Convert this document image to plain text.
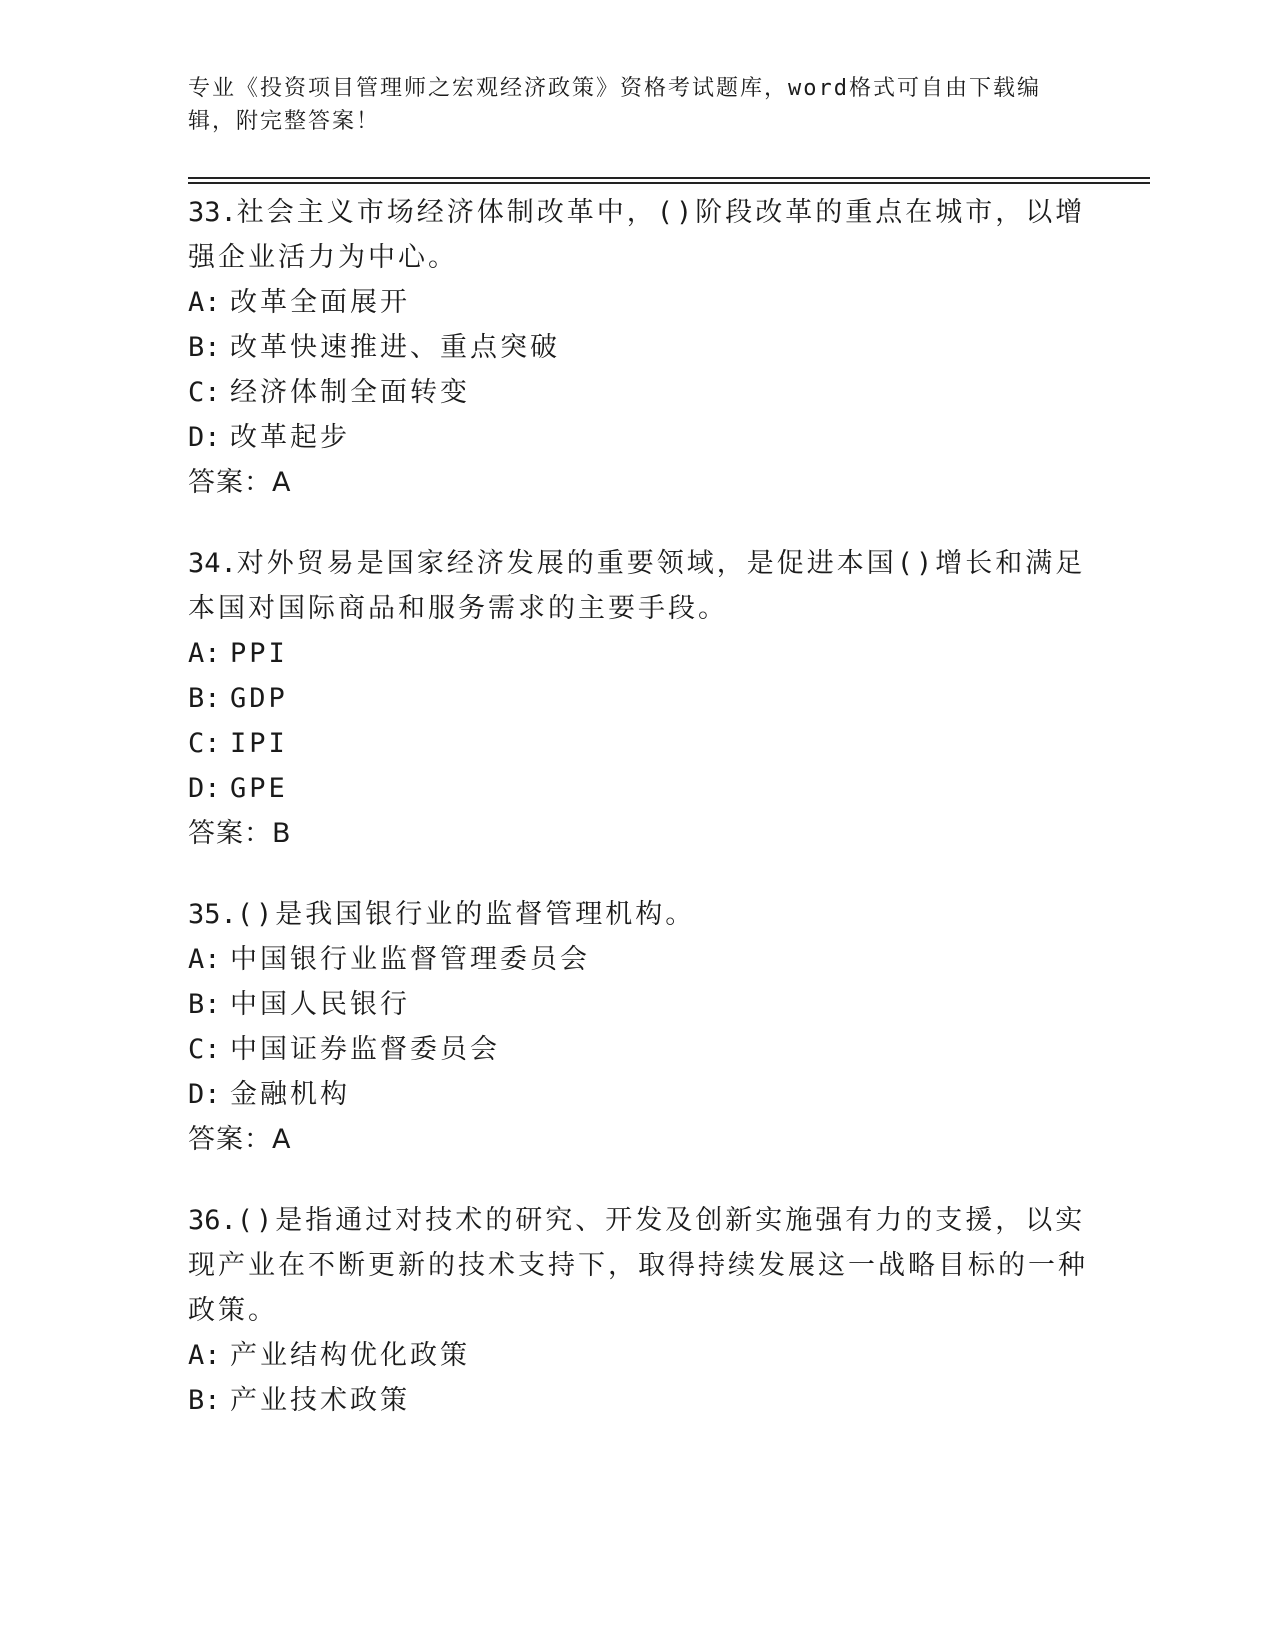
专业《投资项目管理师之宏观经济政策》资格考试题库，word格式可自由下载编辑，附完整答案！
33.社会主义市场经济体制改革中，()阶段改革的重点在城市，以增强企业活力为中心。
A: 改革全面展开
B: 改革快速推进、重点突破
C: 经济体制全面转变
D: 改革起步
答案：A
34.对外贸易是国家经济发展的重要领域，是促进本国()增长和满足本国对国际商品和服务需求的主要手段。
A: PPI
B: GDP
C: IPI
D: GPE
答案：B
35.()是我国银行业的监督管理机构。
A: 中国银行业监督管理委员会
B: 中国人民银行
C: 中国证券监督委员会
D: 金融机构
答案：A
36.()是指通过对技术的研究、开发及创新实施强有力的支援，以实现产业在不断更新的技术支持下，取得持续发展这一战略目标的一种政策。
A: 产业结构优化政策
B: 产业技术政策
